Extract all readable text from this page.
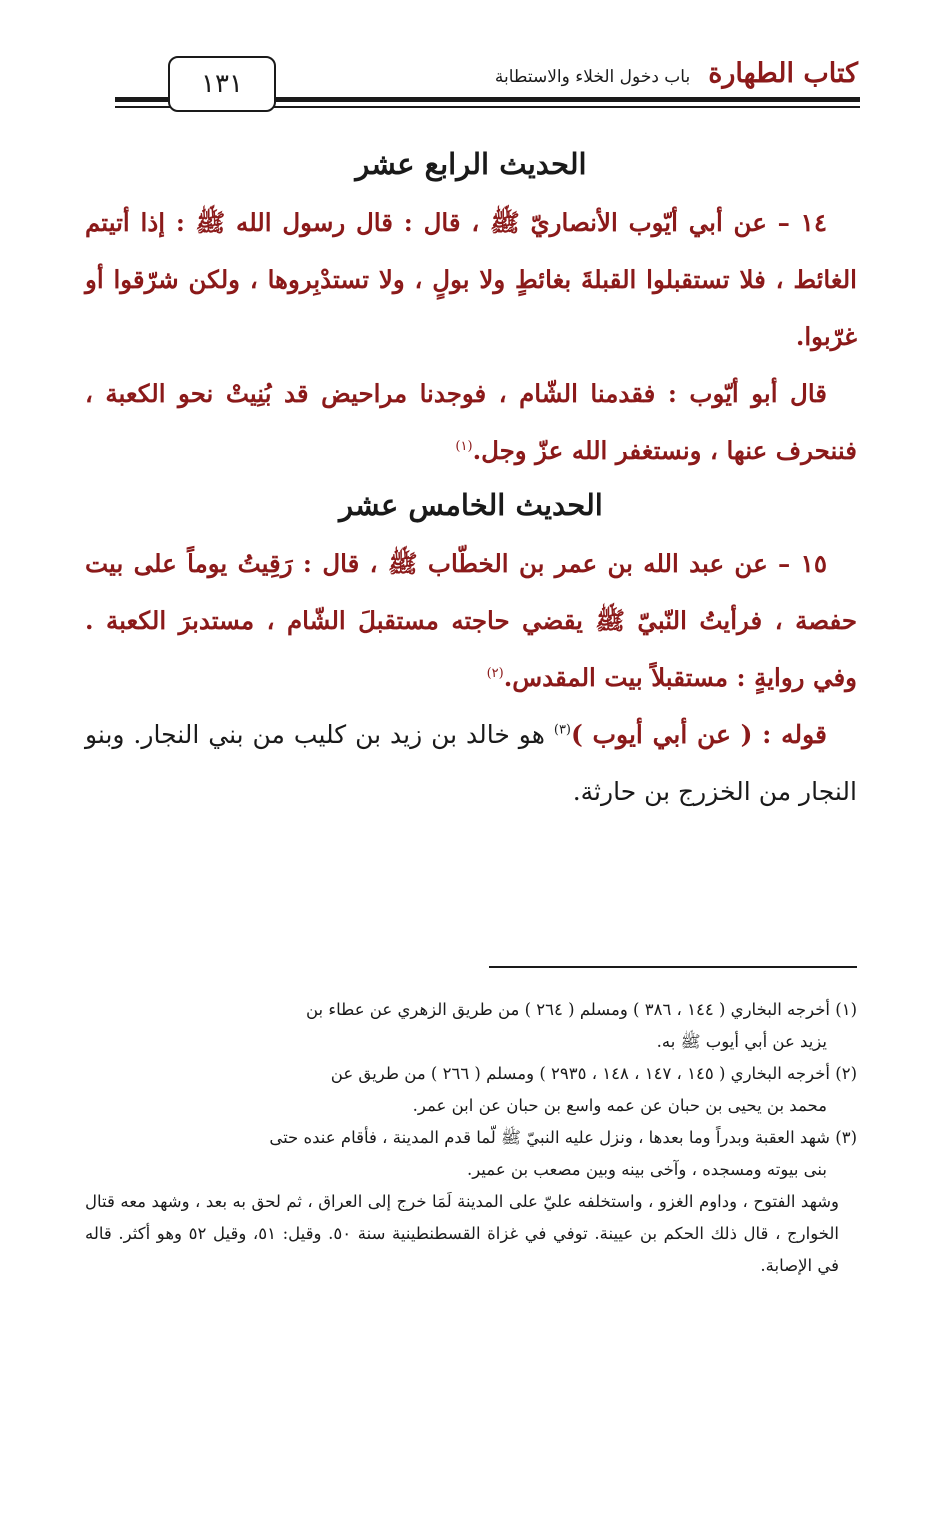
كتاب الطهارة
باب دخول الخلاء والاستطابة
١٣١
الحديث الرابع عشر

١٤ – عن أبي أيّوب الأنصاريّ ﷺ ، قال : قال رسول الله ﷺ : إذا أتيتم الغائط ، فلا تستقبلوا القبلةَ بغائطٍ ولا بولٍ ، ولا تستدْبِروها ، ولكن شرّقوا أو غرّبوا.

قال أبو أيّوب : فقدمنا الشّام ، فوجدنا مراحيض قد بُنِيتْ نحو الكعبة ، فننحرف عنها ، ونستغفر الله عزّ وجل.$^{(١)}$

الحديث الخامس عشر

١٥ – عن عبد الله بن عمر بن الخطّاب ﷺ ، قال : رَقِيتُ يوماً على بيت حفصة ، فرأيتُ النّبيّ ﷺ يقضي حاجته مستقبلَ الشّام ، مستدبرَ الكعبة . وفي روايةٍ : مستقبلاً بيت المقدس.$^{(٢)}$

قوله : ( عن أبي أيوب )$^{(٣)}$ هو خالد بن زيد بن كليب من بني النجار. وبنو النجار من الخزرج بن حارثة.

(١) أخرجه البخاري ( ١٤٤ ، ٣٨٦ ) ومسلم ( ٢٦٤ ) من طريق الزهري عن عطاء بن

يزيد عن أبي أيوب ﷺ به.

(٢) أخرجه البخاري ( ١٤٥ ، ١٤٧ ، ١٤٨ ، ٢٩٣٥ ) ومسلم ( ٢٦٦ ) من طريق عن

محمد بن يحيى بن حبان عن عمه واسع بن حبان عن ابن عمر.

(٣) شهد العقبة وبدراً وما بعدها ، ونزل عليه النبيّ ﷺ لّما قدم المدينة ، فأقام عنده حتى

بنى بيوته ومسجده ، وآخى بينه وبين مصعب بن عمير.

وشهد الفتوح ، وداوم الغزو ، واستخلفه عليّ على المدينة لَمَا خرج إلى العراق ، ثم لحق به بعد ، وشهد معه قتال الخوارج ، قال ذلك الحكم بن عيينة. توفي في غزاة القسطنطينية سنة ٥٠. وقيل: ٥١، وقيل ٥٢ وهو أكثر. قاله في الإصابة.
